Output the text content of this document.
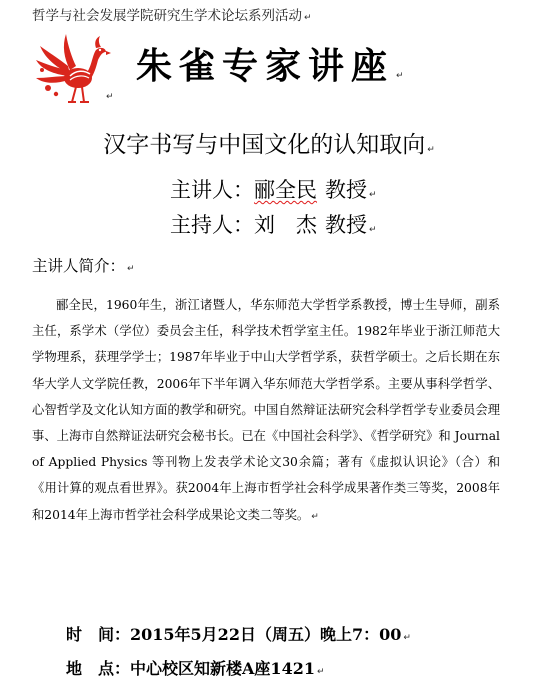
哲学与社会发展学院研究生学术论坛系列活动 ↵
↵
朱雀专家讲座 ↵
汉字书写与中国文化的认知取向 ↵
主讲人：郦全民 教授 ↵
主持人：刘　杰 教授 ↵
主讲人简介： ↵

郦全民，1960年生，浙江诸暨人，华东师范大学哲学系教授，博士生导师，副系主任，系学术（学位）委员会主任，科学技术哲学室主任。1982年毕业于浙江师范大学物理系，获理学学士；1987年毕业于中山大学哲学系，获哲学硕士。之后长期在东华大学人文学院任教，2006年下半年调入华东师范大学哲学系。主要从事科学哲学、心智哲学及文化认知方面的教学和研究。中国自然辩证法研究会科学哲学专业委员会理事、上海市自然辩证法研究会秘书长。已在《中国社会科学》、《哲学研究》和 Journal of Applied Physics 等刊物上发表学术论文30余篇；著有《虚拟认识论》（合）和《用计算的观点看世界》。获2004年上海市哲学社会科学成果著作类三等奖，2008年和2014年上海市哲学社会科学成果论文类二等奖。 ↵

时　间：2015年5月22日（周五）晚上7：00 ↵
地　点：中心校区知新楼A座1421 ↵
